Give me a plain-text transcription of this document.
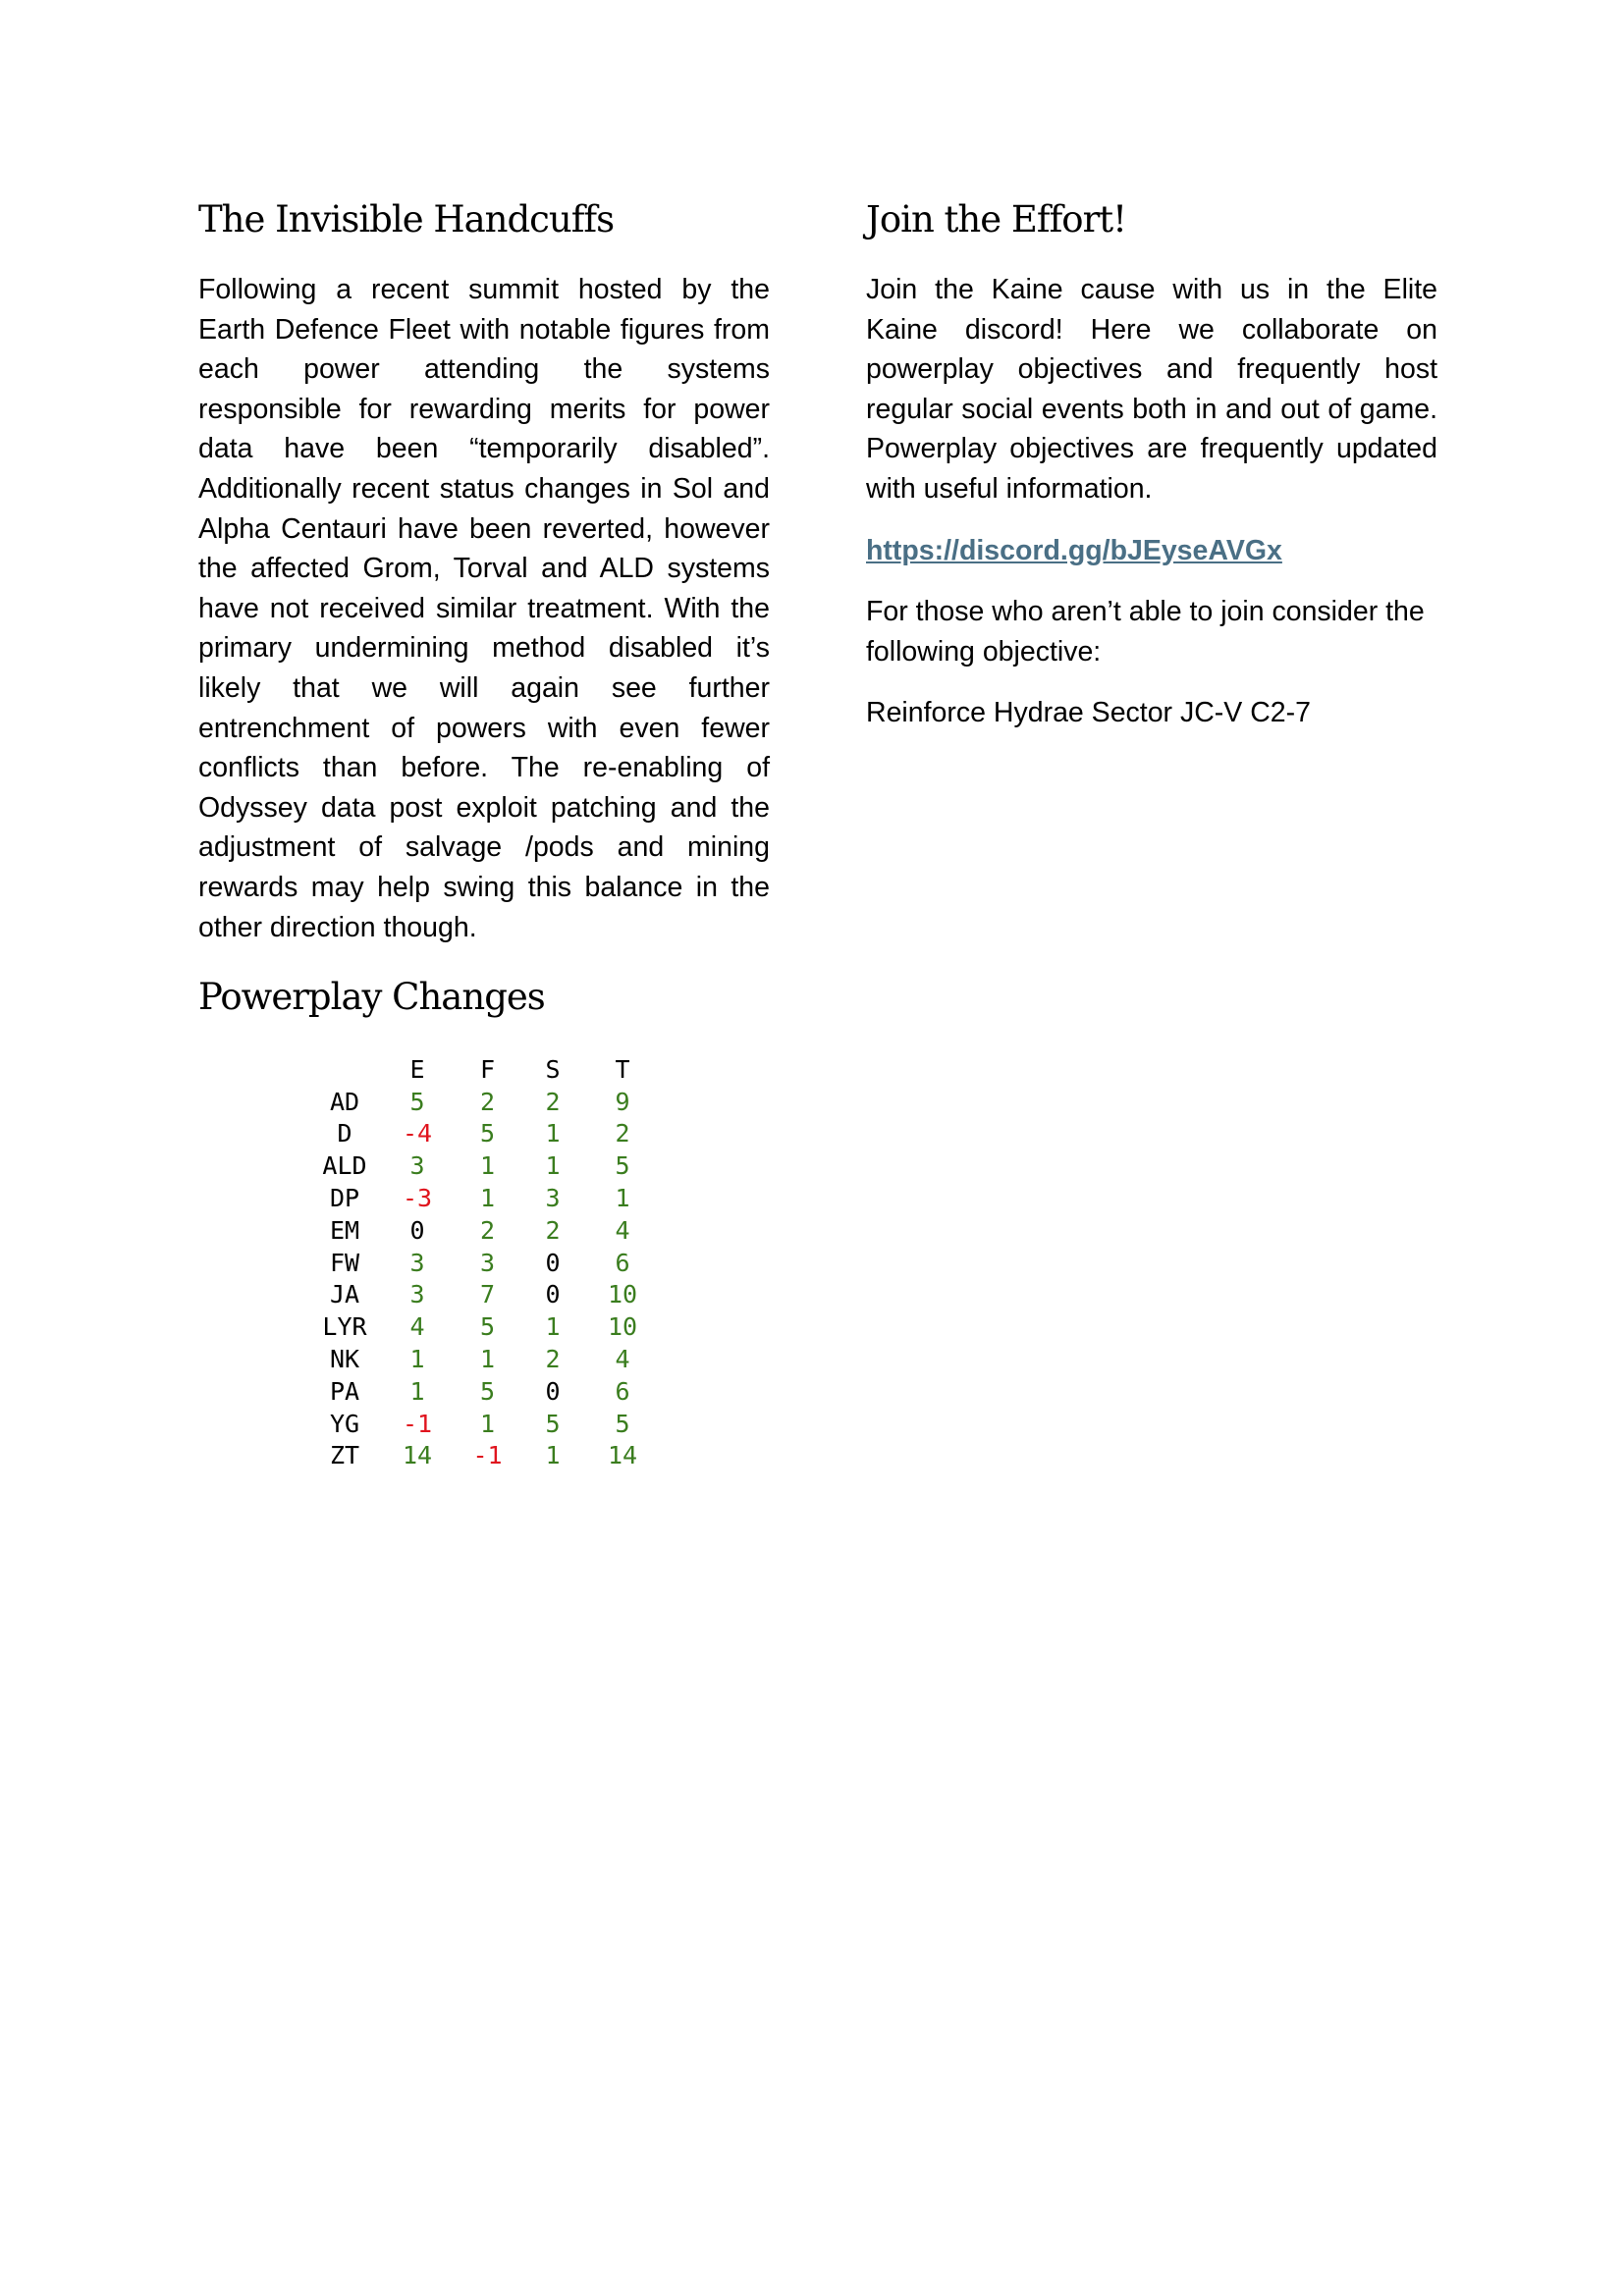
The Invisible Handcuffs

Following a recent summit hosted by the Earth Defence Fleet with notable figures from each power attending the systems responsible for rewarding merits for power data have been “temporarily disabled”. Additionally recent status changes in Sol and Alpha Centauri have been reverted, however the affected Grom, Torval and ALD systems have not received similar treatment. With the primary undermining method disabled it’s likely that we will again see further entrenchment of powers with even fewer conflicts than before. The re-enabling of Odyssey data post exploit patching and the adjustment of salvage /pods and mining rewards may help swing this balance in the other direction though.

Powerplay Changes
Join the Effort!

Join the Kaine cause with us in the Elite Kaine discord! Here we collaborate on powerplay objectives and frequently host regular social events both in and out of game. Powerplay objectives are frequently updated with useful information.

https://discord.gg/bJEyseAVGx

For those who aren’t able to join consider the following objective:

Reinforce Hydrae Sector JC-V C2-7

	E	F	S	T
AD	5	2	2	9
D	-4	5	1	2
ALD	3	1	1	5
DP	-3	1	3	1
EM	0	2	2	4
FW	3	3	0	6
JA	3	7	0	10
LYR	4	5	1	10
NK	1	1	2	4
PA	1	5	0	6
YG	-1	1	5	5
ZT	14	-1	1	14
